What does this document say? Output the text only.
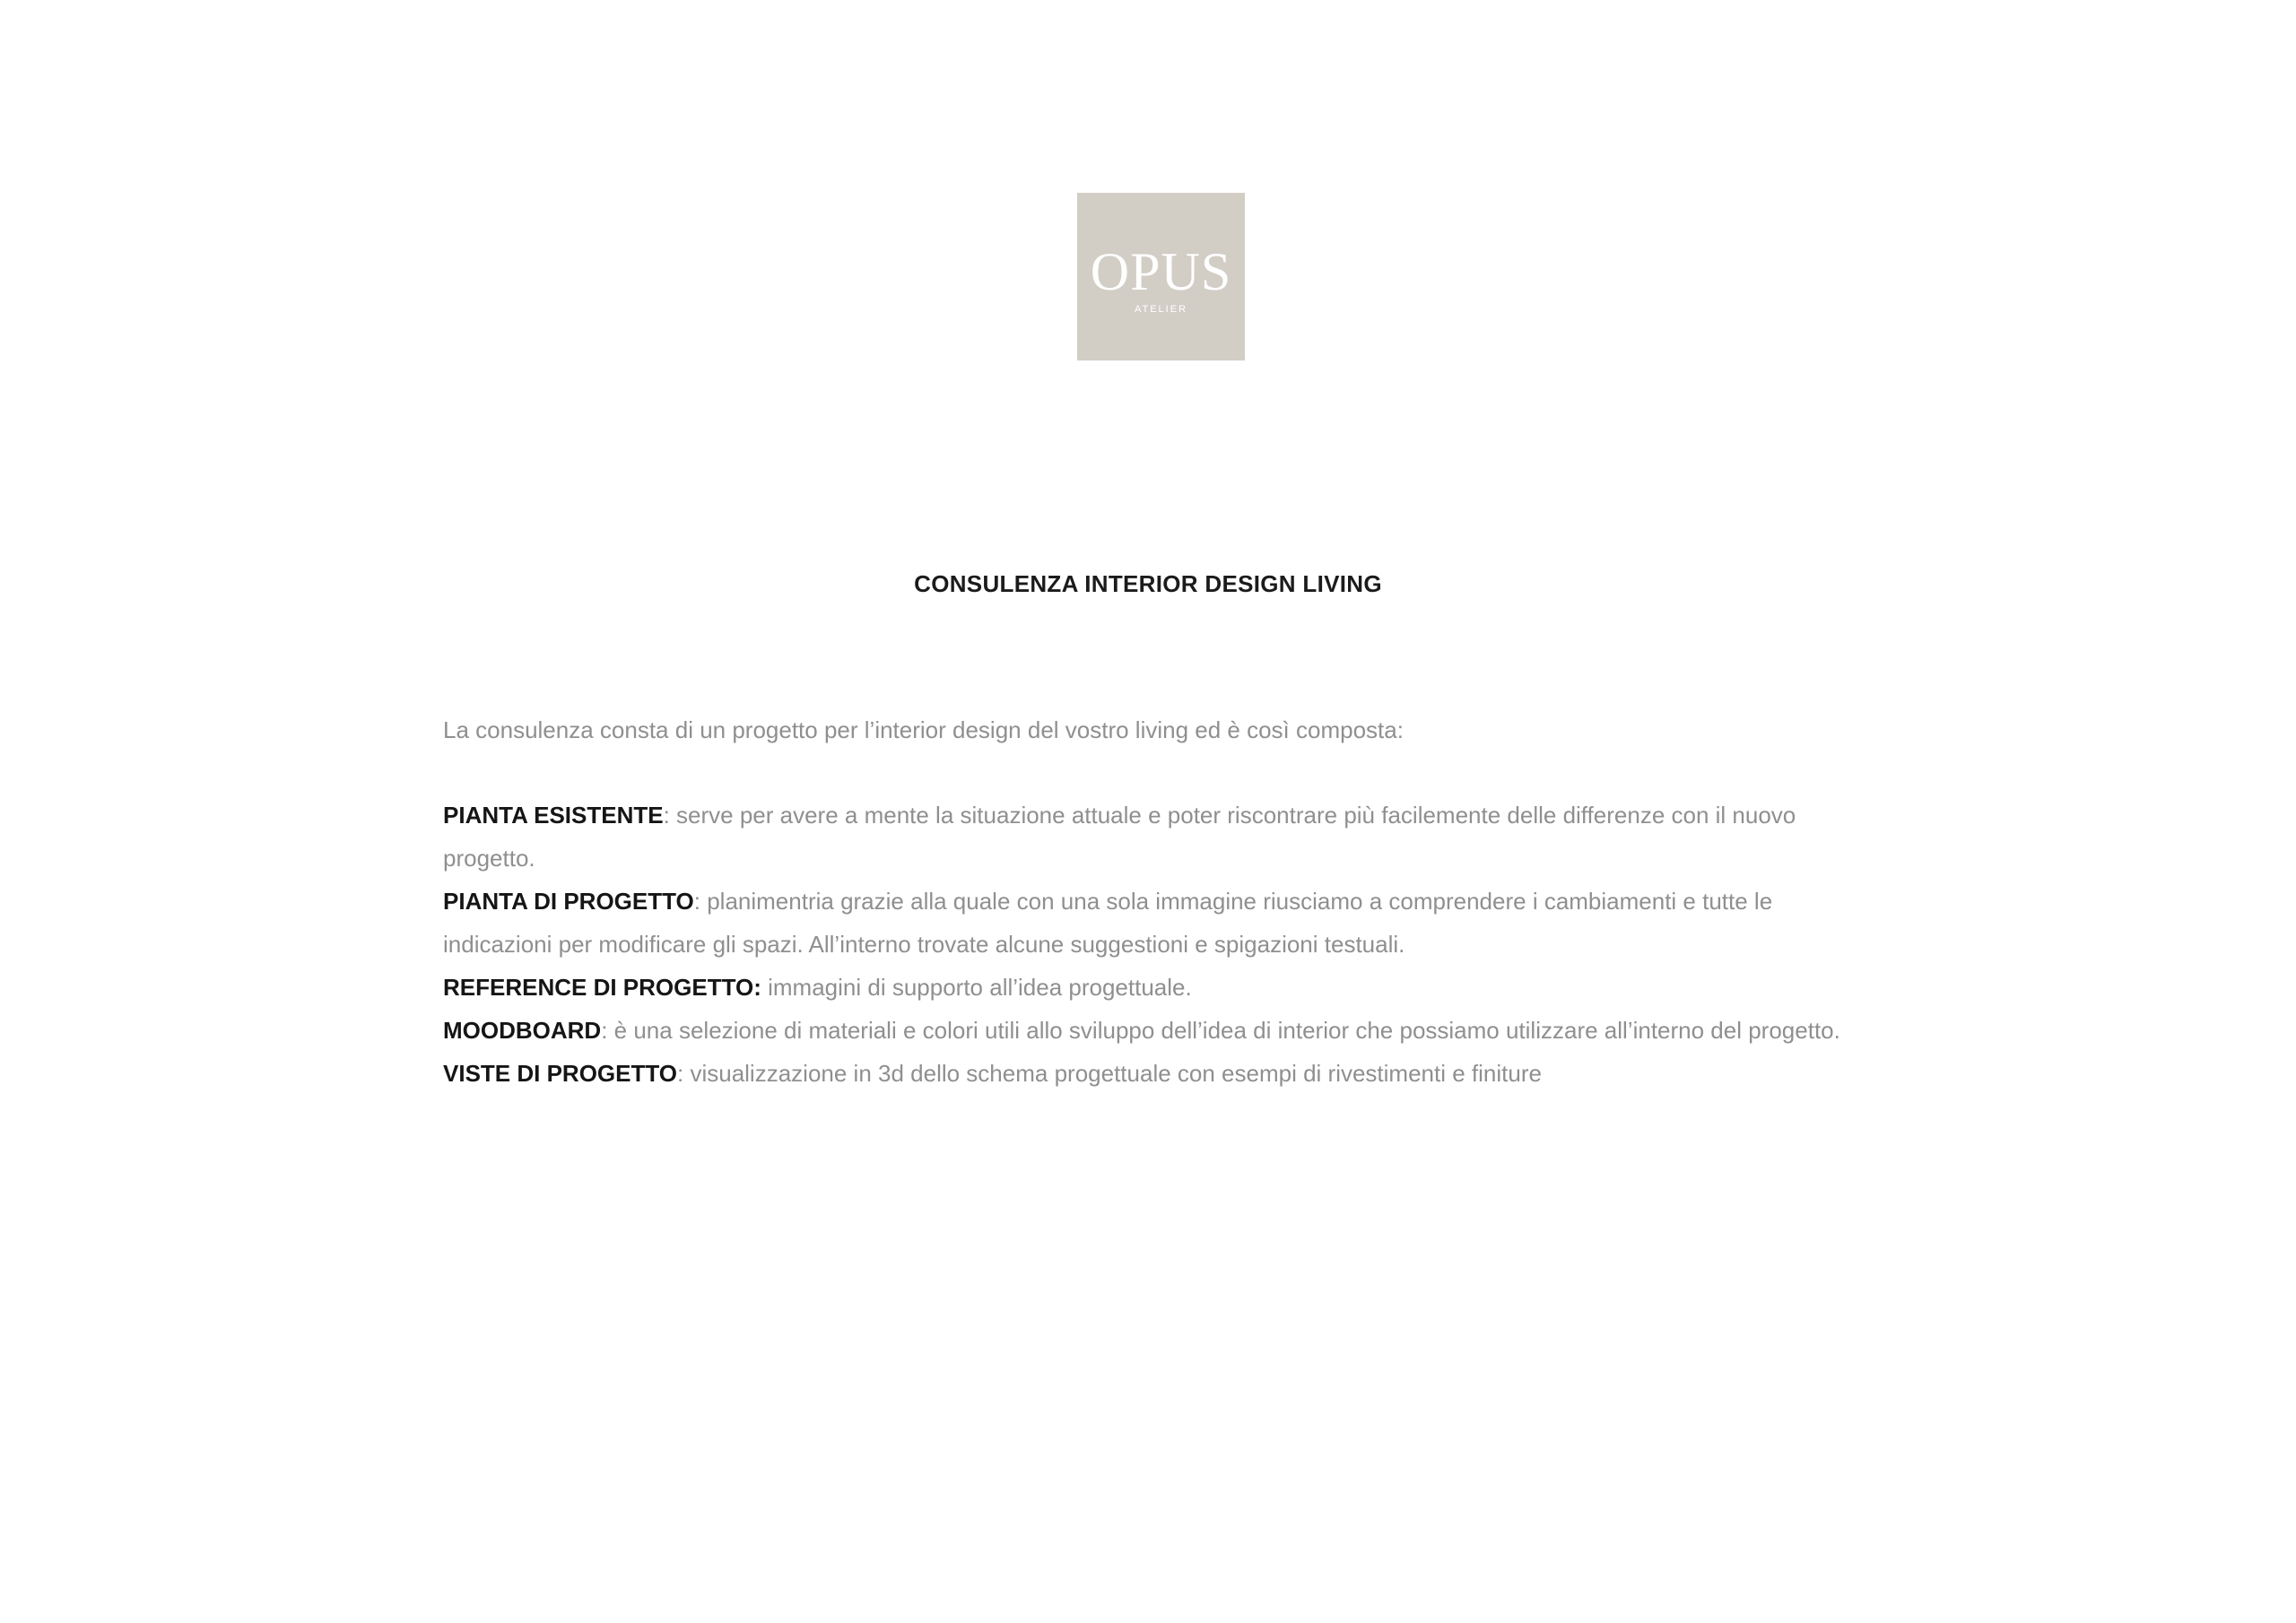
OPUS
ATELIER
CONSULENZA INTERIOR DESIGN LIVING

La consulenza consta di un progetto per l’interior design del vostro living ed è così composta:

PIANTA ESISTENTE: serve per avere a mente la situazione attuale e poter riscontrare più facilemente delle differenze con il nuovo progetto.

PIANTA DI PROGETTO: planimentria grazie alla quale con una sola immagine riusciamo a comprendere i cambiamenti e tutte le indicazioni per modificare gli spazi. All’interno trovate alcune suggestioni e spigazioni testuali.

REFERENCE DI PROGETTO: immagini di supporto all’idea progettuale.

MOODBOARD: è una selezione di materiali e colori utili allo sviluppo dell’idea di interior che possiamo utilizzare all’interno del progetto.

VISTE DI PROGETTO: visualizzazione in 3d dello schema progettuale con esempi di rivestimenti e finiture
